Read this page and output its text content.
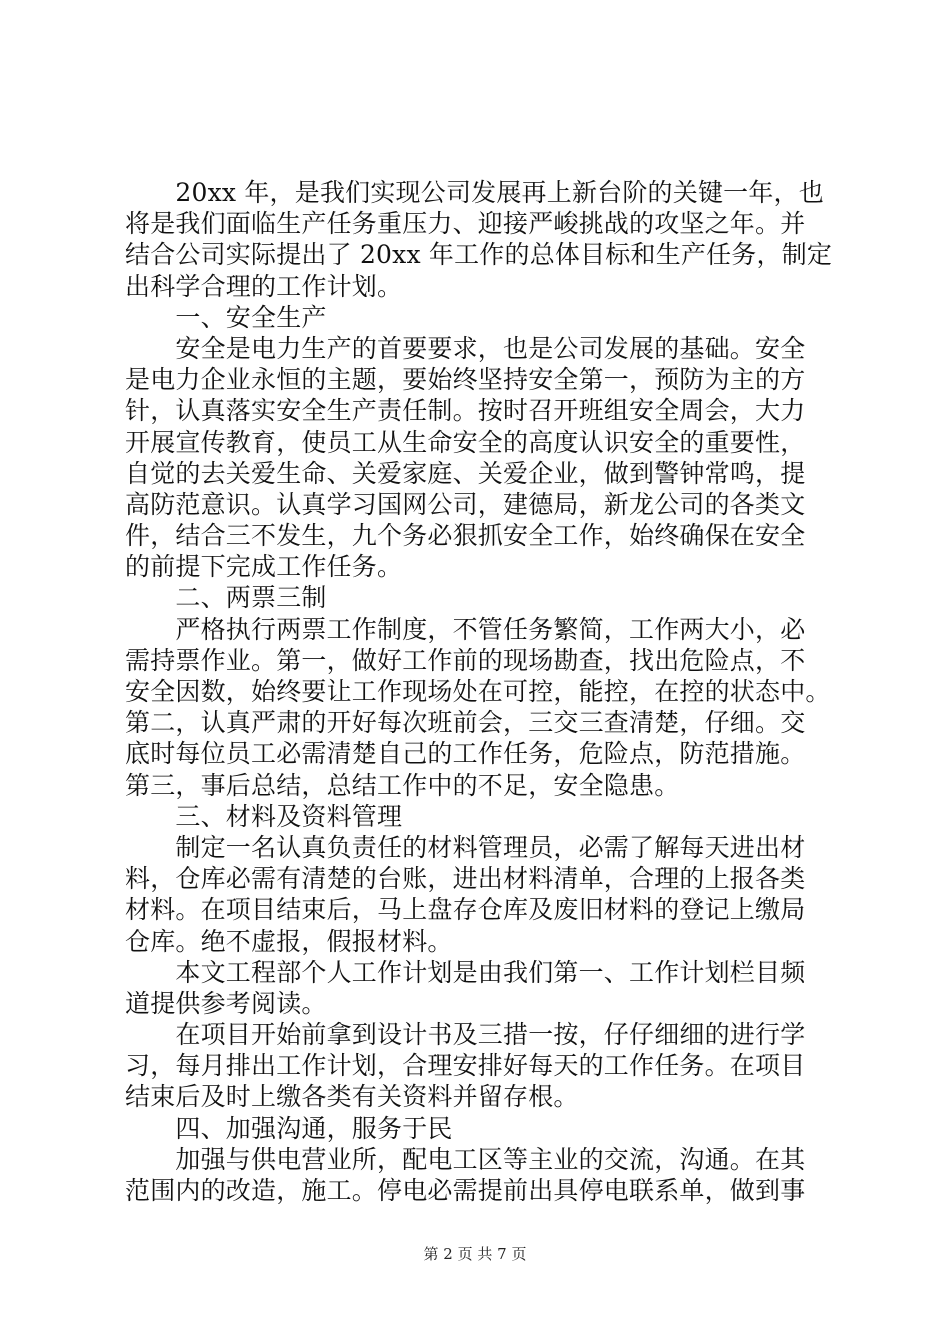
　　20xx 年，是我们实现公司发展再上新台阶的关键一年，也
将是我们面临生产任务重压力、迎接严峻挑战的攻坚之年。并
结合公司实际提出了 20xx 年工作的总体目标和生产任务，制定
出科学合理的工作计划。
　　一、安全生产
　　安全是电力生产的首要要求，也是公司发展的基础。安全
是电力企业永恒的主题，要始终坚持安全第一，预防为主的方
针，认真落实安全生产责任制。按时召开班组安全周会，大力
开展宣传教育，使员工从生命安全的高度认识安全的重要性，
自觉的去关爱生命、关爱家庭、关爱企业，做到警钟常鸣，提
高防范意识。认真学习国网公司，建德局，新龙公司的各类文
件，结合三不发生，九个务必狠抓安全工作，始终确保在安全
的前提下完成工作任务。
　　二、两票三制
　　严格执行两票工作制度，不管任务繁简，工作两大小，必
需持票作业。第一，做好工作前的现场勘查，找出危险点，不
安全因数，始终要让工作现场处在可控，能控，在控的状态中。
第二，认真严肃的开好每次班前会，三交三查清楚，仔细。交
底时每位员工必需清楚自己的工作任务，危险点，防范措施。
第三，事后总结，总结工作中的不足，安全隐患。
　　三、材料及资料管理
　　制定一名认真负责任的材料管理员，必需了解每天进出材
料，仓库必需有清楚的台账，进出材料清单，合理的上报各类
材料。在项目结束后，马上盘存仓库及废旧材料的登记上缴局
仓库。绝不虚报，假报材料。
　　本文工程部个人工作计划是由我们第一、工作计划栏目频
道提供参考阅读。
　　在项目开始前拿到设计书及三措一按，仔仔细细的进行学
习，每月排出工作计划，合理安排好每天的工作任务。在项目
结束后及时上缴各类有关资料并留存根。
　　四、加强沟通，服务于民
　　加强与供电营业所，配电工区等主业的交流，沟通。在其
范围内的改造，施工。停电必需提前出具停电联系单，做到事
第 2 页 共 7 页
